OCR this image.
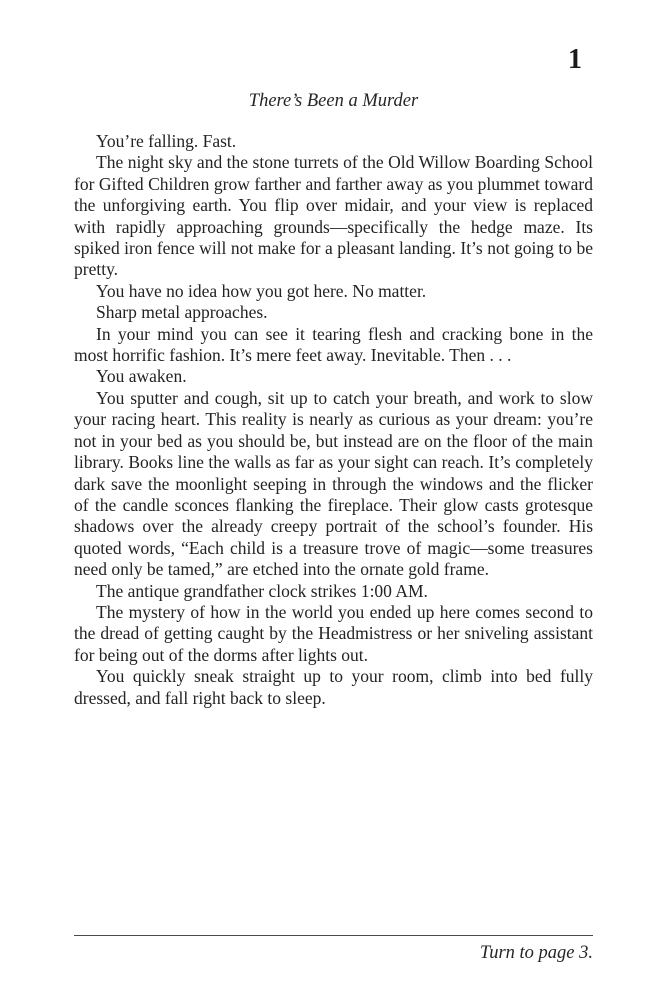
1
There’s Been a Murder

You’re falling. Fast.

The night sky and the stone turrets of the Old Willow Boarding School for Gifted Children grow farther and farther away as you plummet toward the unforgiving earth. You flip over midair, and your view is replaced with rapidly approaching grounds—specifically the hedge maze. Its spiked iron fence will not make for a pleasant landing. It’s not going to be pretty.

You have no idea how you got here. No matter.

Sharp metal approaches.

In your mind you can see it tearing flesh and cracking bone in the most horrific fashion. It’s mere feet away. Inevitable. Then . . .

You awaken.

You sputter and cough, sit up to catch your breath, and work to slow your racing heart. This reality is nearly as curious as your dream: you’re not in your bed as you should be, but instead are on the floor of the main library. Books line the walls as far as your sight can reach. It’s completely dark save the moonlight seeping in through the windows and the flicker of the candle sconces flanking the fireplace. Their glow casts grotesque shadows over the already creepy portrait of the school’s founder. His quoted words, “Each child is a treasure trove of magic—some treasures need only be tamed,” are etched into the ornate gold frame.

The antique grandfather clock strikes 1:00 AM.

The mystery of how in the world you ended up here comes second to the dread of getting caught by the Headmistress or her sniveling assistant for being out of the dorms after lights out.

You quickly sneak straight up to your room, climb into bed fully dressed, and fall right back to sleep.

Turn to page 3.
